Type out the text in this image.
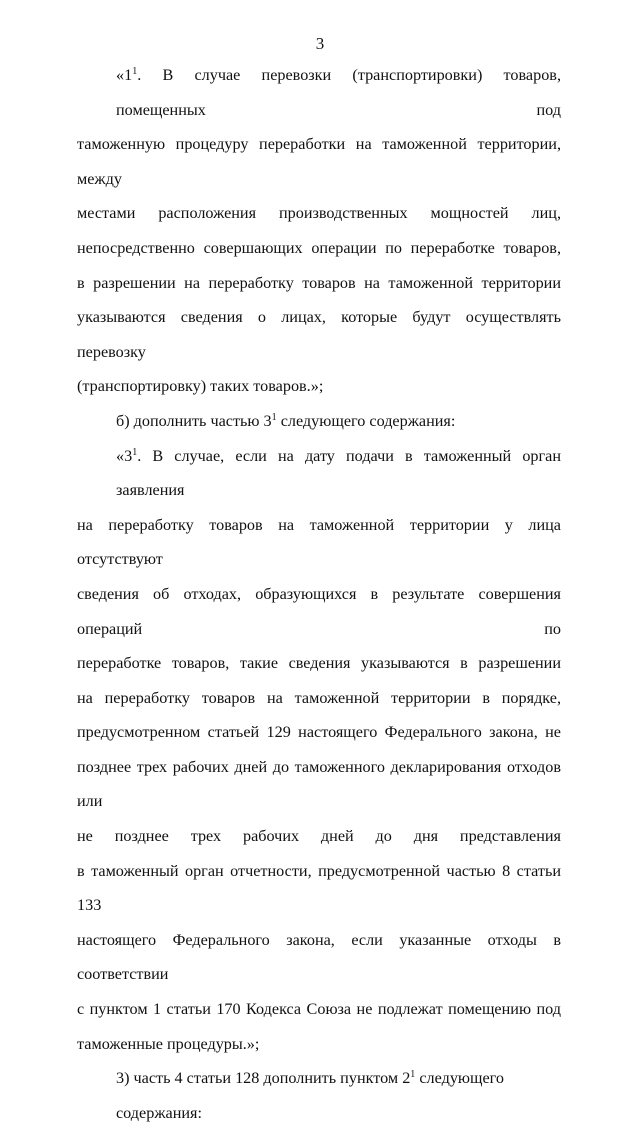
3
«$1^1$. В случае перевозки (транспортировки) товаров, помещенных под
таможенную процедуру переработки на таможенной территории, между
местами расположения производственных мощностей лиц,
непосредственно совершающих операции по переработке товаров,
в разрешении на переработку товаров на таможенной территории
указываются сведения о лицах, которые будут осуществлять перевозку
(транспортировку) таких товаров.»;
б) дополнить частью $3^1$ следующего содержания:
«$3^1$. В случае, если на дату подачи в таможенный орган заявления
на переработку товаров на таможенной территории у лица отсутствуют
сведения об отходах, образующихся в результате совершения операций по
переработке товаров, такие сведения указываются в разрешении
на переработку товаров на таможенной территории в порядке,
предусмотренном статьей 129 настоящего Федерального закона, не
позднее трех рабочих дней до таможенного декларирования отходов или
не позднее трех рабочих дней до дня представления
в таможенный орган отчетности, предусмотренной частью 8 статьи 133
настоящего Федерального закона, если указанные отходы в соответствии
с пунктом 1 статьи 170 Кодекса Союза не подлежат помещению под
таможенные процедуры.»;
3) часть 4 статьи 128 дополнить пунктом $2^1$ следующего содержания:
